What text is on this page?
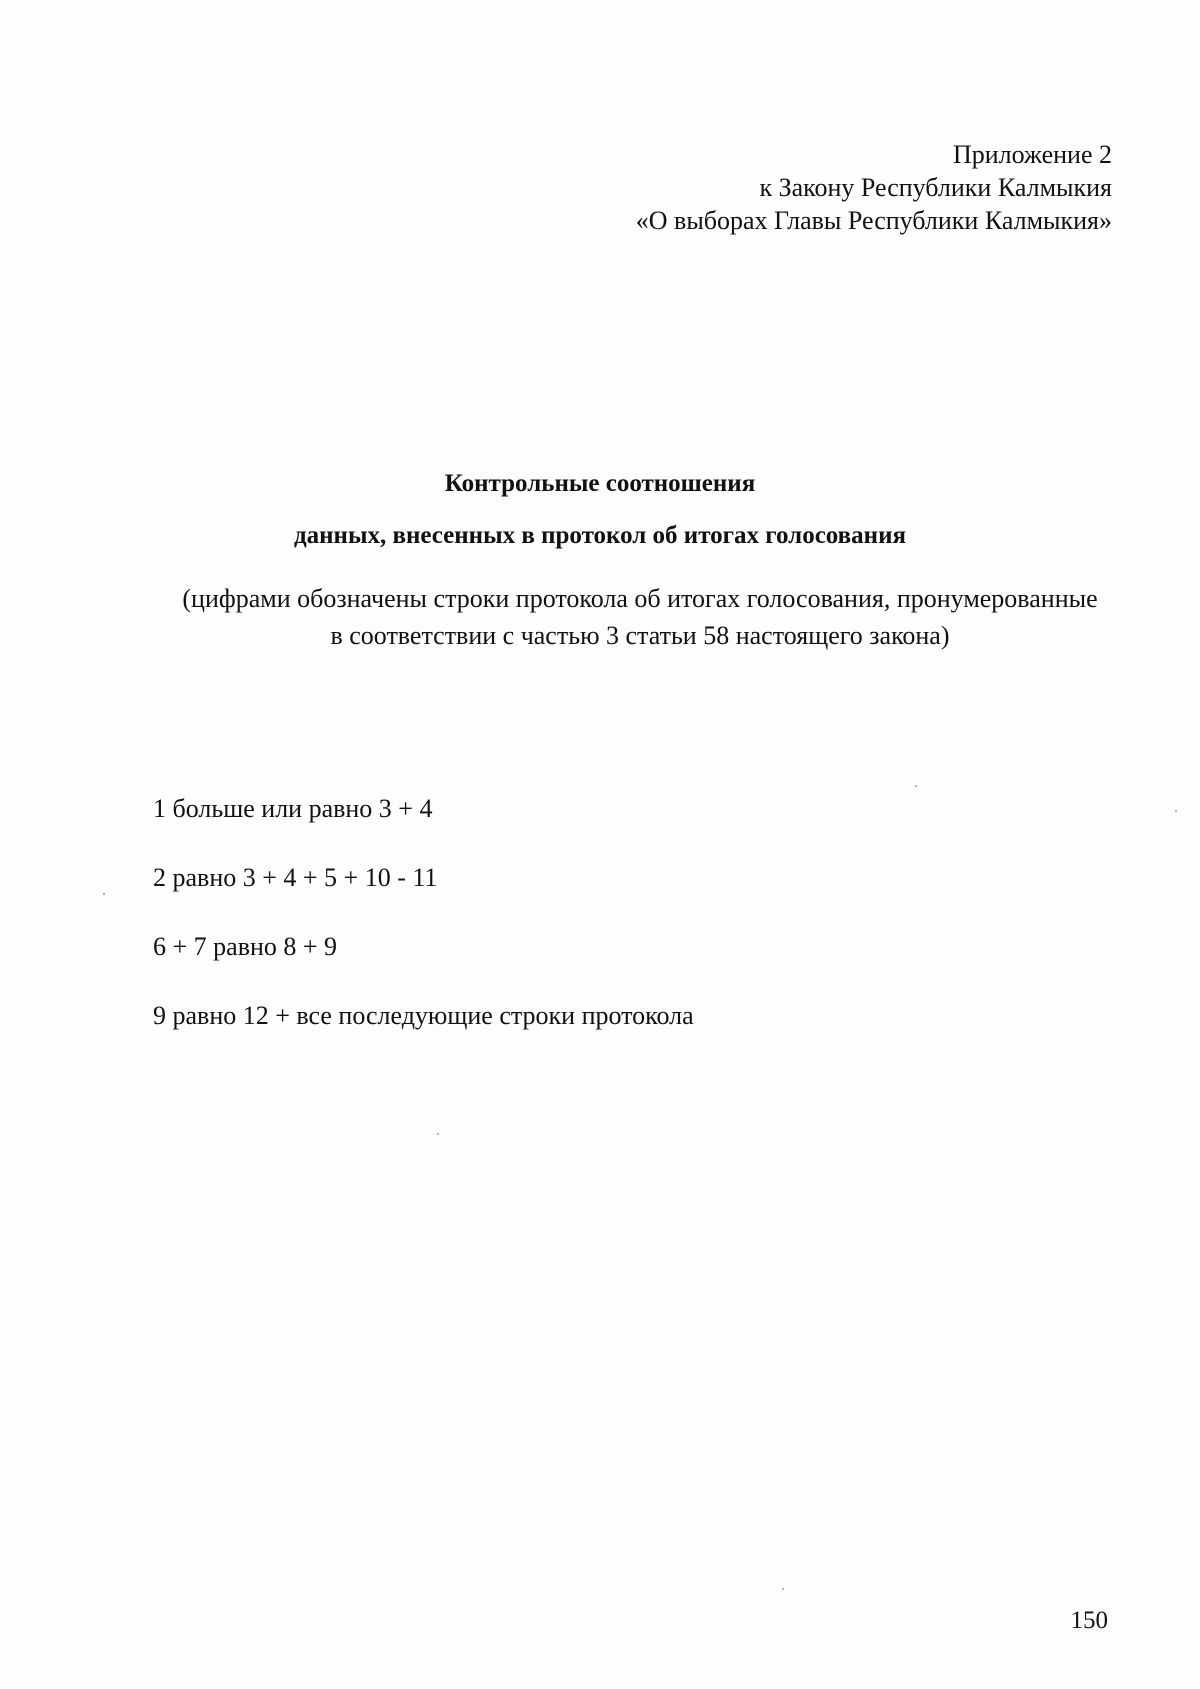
Приложение 2
к Закону Республики Калмыкия
«О выборах Главы Республики Калмыкия»

Контрольные соотношения

данных, внесенных в протокол об итогах голосования

(цифрами обозначены строки протокола об итогах голосования, пронумерованные
в соответствии с частью 3 статьи 58 настоящего закона)
1 больше или равно 3 + 4
2 равно 3 + 4 + 5 + 10 - 11
6 + 7 равно 8 + 9
9 равно 12 + все последующие строки протокола
150
